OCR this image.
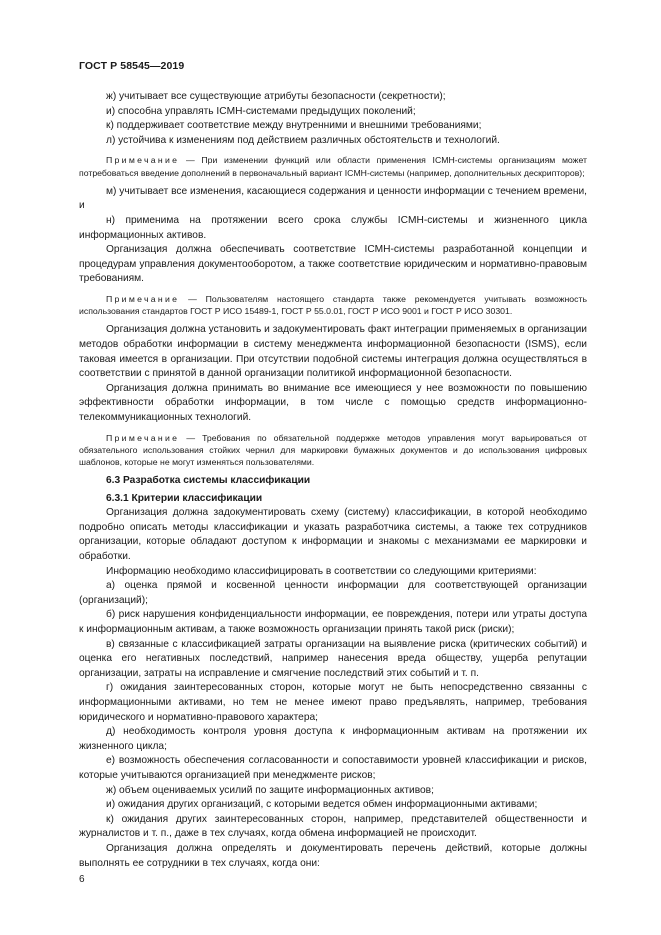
ГОСТ Р 58545—2019

ж) учитывает все существующие атрибуты безопасности (секретности);

и) способна управлять ICMH-системами предыдущих поколений;

к) поддерживает соответствие между внутренними и внешними требованиями;

л) устойчива к изменениям под действием различных обстоятельств и технологий.

Примечание — При изменении функций или области применения ICMH-системы организациям может потребоваться введение дополнений в первоначальный вариант ICMH-системы (например, дополнительных дескрипторов);

м) учитывает все изменения, касающиеся содержания и ценности информации с течением времени, и

н) применима на протяжении всего срока службы ICMH-системы и жизненного цикла информационных активов.

Организация должна обеспечивать соответствие ICMH-системы разработанной концепции и процедурам управления документооборотом, а также соответствие юридическим и нормативно-правовым требованиям.

Примечание — Пользователям настоящего стандарта также рекомендуется учитывать возможность использования стандартов ГОСТ Р ИСО 15489-1, ГОСТ Р 55.0.01, ГОСТ Р ИСО 9001 и ГОСТ Р ИСО 30301.

Организация должна установить и задокументировать факт интеграции применяемых в организации методов обработки информации в систему менеджмента информационной безопасности (ISMS), если таковая имеется в организации. При отсутствии подобной системы интеграция должна осуществляться в соответствии с принятой в данной организации политикой информационной безопасности.

Организация должна принимать во внимание все имеющиеся у нее возможности по повышению эффективности обработки информации, в том числе с помощью средств информационно-телекоммуникационных технологий.

Примечание — Требования по обязательной поддержке методов управления могут варьироваться от обязательного использования стойких чернил для маркировки бумажных документов и до использования цифровых шаблонов, которые не могут изменяться пользователями.

6.3 Разработка системы классификации

6.3.1 Критерии классификации

Организация должна задокументировать схему (систему) классификации, в которой необходимо подробно описать методы классификации и указать разработчика системы, а также тех сотрудников организации, которые обладают доступом к информации и знакомы с механизмами ее маркировки и обработки.

Информацию необходимо классифицировать в соответствии со следующими критериями:

а) оценка прямой и косвенной ценности информации для соответствующей организации (организаций);

б) риск нарушения конфиденциальности информации, ее повреждения, потери или утраты доступа к информационным активам, а также возможность организации принять такой риск (риски);

в) связанные с классификацией затраты организации на выявление риска (критических событий) и оценка его негативных последствий, например нанесения вреда обществу, ущерба репутации организации, затраты на исправление и смягчение последствий этих событий и т. п.

г) ожидания заинтересованных сторон, которые могут не быть непосредственно связанны с информационными активами, но тем не менее имеют право предъявлять, например, требования юридического и нормативно-правового характера;

д) необходимость контроля уровня доступа к информационным активам на протяжении их жизненного цикла;

е) возможность обеспечения согласованности и сопоставимости уровней классификации и рисков, которые учитываются организацией при менеджменте рисков;

ж) объем оцениваемых усилий по защите информационных активов;

и) ожидания других организаций, с которыми ведется обмен информационными активами;

к) ожидания других заинтересованных сторон, например, представителей общественности и журналистов и т. п., даже в тех случаях, когда обмена информацией не происходит.

Организация должна определять и документировать перечень действий, которые должны выполнять ее сотрудники в тех случаях, когда они:

6
